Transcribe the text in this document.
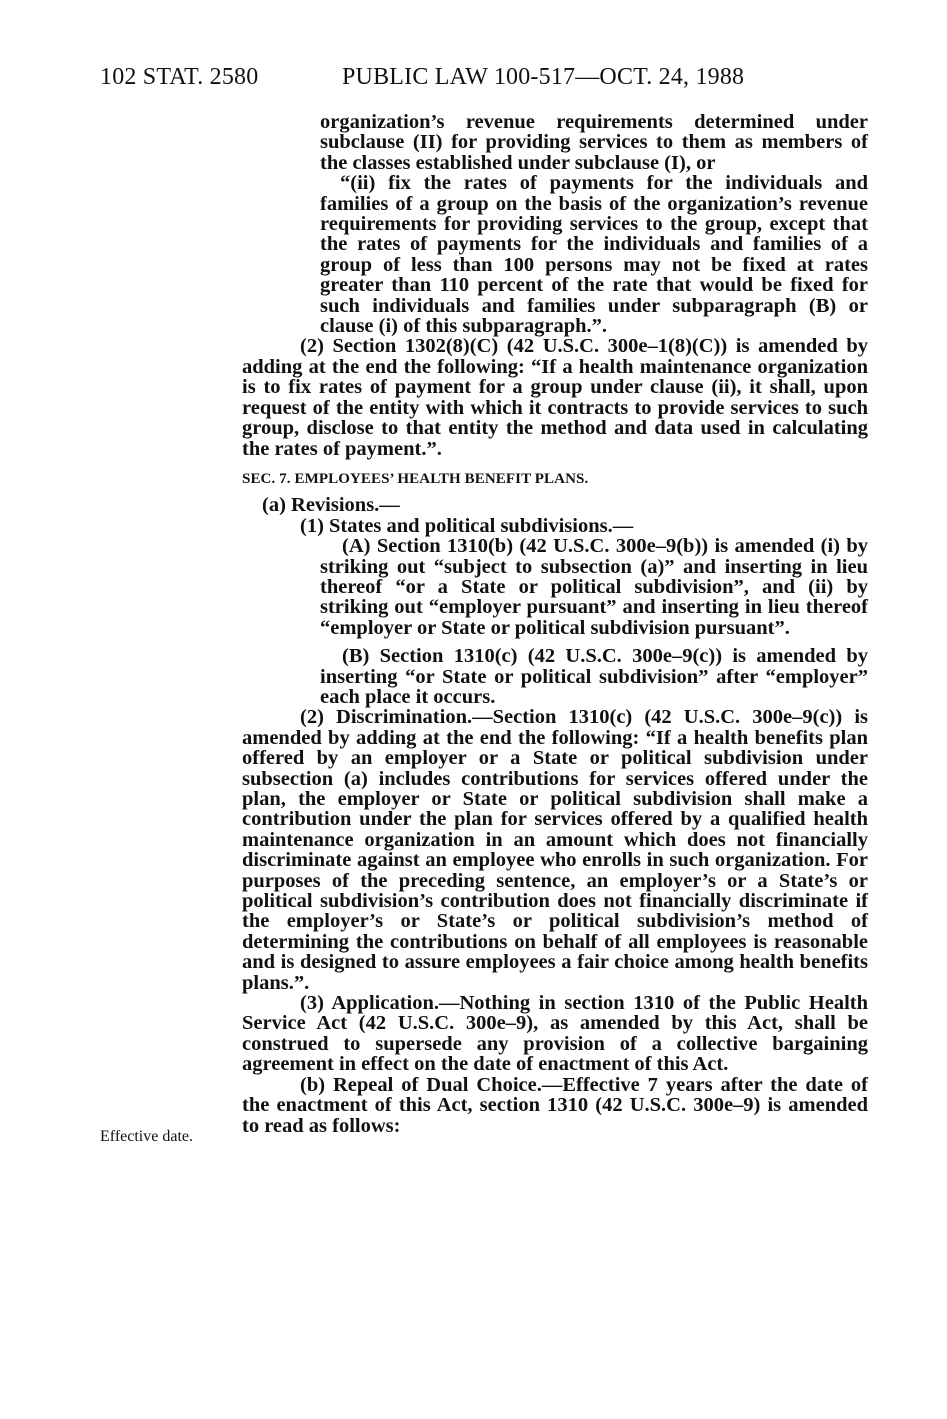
102 STAT. 2580	PUBLIC LAW 100-517—OCT. 24, 1988
Effective date.

organization’s revenue requirements determined under subclause (II) for providing services to them as members of the classes established under subclause (I), or

“(ii) fix the rates of payments for the individuals and families of a group on the basis of the organization’s revenue requirements for providing services to the group, except that the rates of payments for the individuals and families of a group of less than 100 persons may not be fixed at rates greater than 110 percent of the rate that would be fixed for such individuals and families under subparagraph (B) or clause (i) of this subparagraph.”.

(2) Section 1302(8)(C) (42 U.S.C. 300e–1(8)(C)) is amended by adding at the end the following: “If a health maintenance organization is to fix rates of payment for a group under clause (ii), it shall, upon request of the entity with which it contracts to provide services to such group, disclose to that entity the method and data used in calculating the rates of payment.”.

SEC. 7. EMPLOYEES’ HEALTH BENEFIT PLANS.

(a) Revisions.—

(1) States and political subdivisions.—

(A) Section 1310(b) (42 U.S.C. 300e–9(b)) is amended (i) by striking out “subject to subsection (a)” and inserting in lieu thereof “or a State or political subdivision”, and (ii) by striking out “employer pursuant” and inserting in lieu thereof “employer or State or political subdivision pursuant”.

(B) Section 1310(c) (42 U.S.C. 300e–9(c)) is amended by inserting “or State or political subdivision” after “employer” each place it occurs.

(2) Discrimination.—Section 1310(c) (42 U.S.C. 300e–9(c)) is amended by adding at the end the following: “If a health benefits plan offered by an employer or a State or political subdivision under subsection (a) includes contributions for services offered under the plan, the employer or State or political subdivision shall make a contribution under the plan for services offered by a qualified health maintenance organization in an amount which does not financially discriminate against an employee who enrolls in such organization. For purposes of the preceding sentence, an employer’s or a State’s or political subdivision’s contribution does not financially discriminate if the employer’s or State’s or political subdivision’s method of determining the contributions on behalf of all employees is reasonable and is designed to assure employees a fair choice among health benefits plans.”.

(3) Application.—Nothing in section 1310 of the Public Health Service Act (42 U.S.C. 300e–9), as amended by this Act, shall be construed to supersede any provision of a collective bargaining agreement in effect on the date of enactment of this Act.

(b) Repeal of Dual Choice.—Effective 7 years after the date of the enactment of this Act, section 1310 (42 U.S.C. 300e–9) is amended to read as follows:
